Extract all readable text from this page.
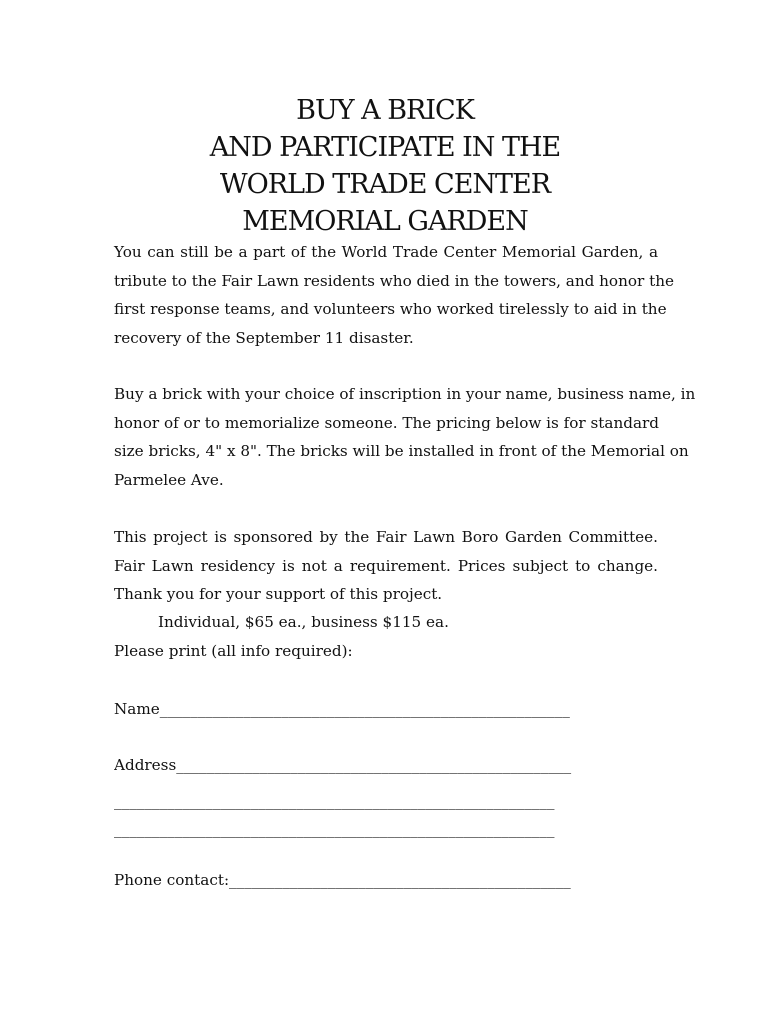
BUY A BRICK
AND PARTICIPATE IN THE
WORLD TRADE CENTER
MEMORIAL GARDEN
You can still be a part of the World Trade Center Memorial Garden, a
tribute to the Fair Lawn residents who died in the towers, and honor the
first response teams, and volunteers who worked tirelessly to aid in the
recovery of the September 11 disaster.
Buy a brick with your choice of inscription in your name, business name, in
honor of or to memorialize someone. The pricing below is for standard
size bricks, 4" x 8". The bricks will be installed in front of the Memorial on
Parmelee Ave.
This project is sponsored by the Fair Lawn Boro Garden Committee.
Fair Lawn residency is not a requirement. Prices subject to change.
Thank you for your support of this project.
Individual, $65 ea., business $115 ea.
Please print (all info required):
Name______________________________________________________
Address____________________________________________________
__________________________________________________________
__________________________________________________________
Phone contact:_____________________________________________
